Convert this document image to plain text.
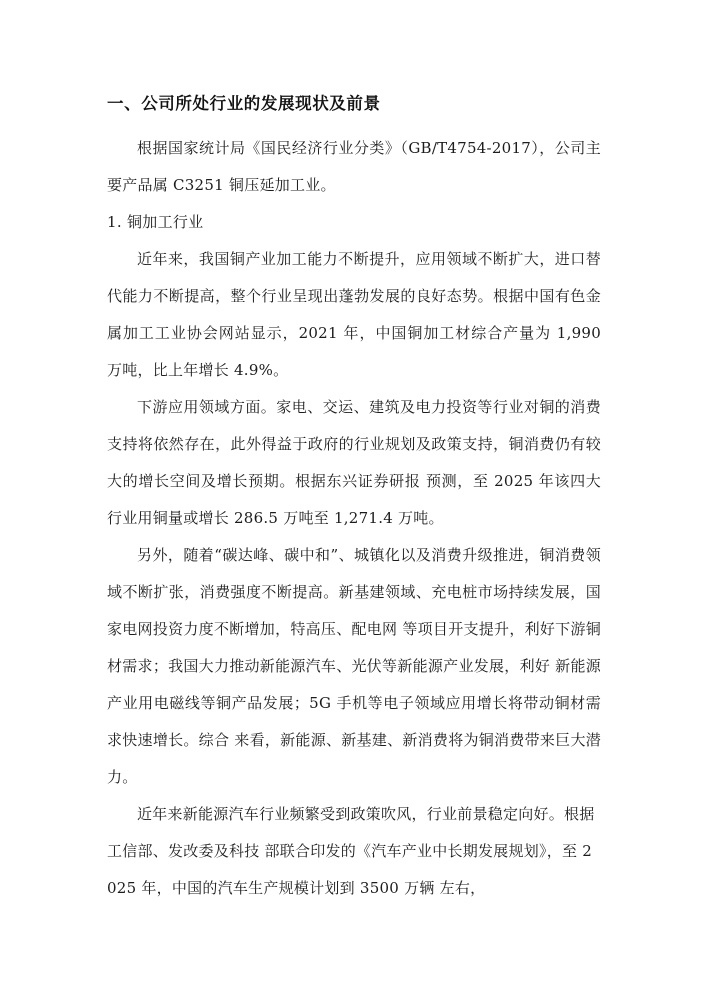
一、公司所处行业的发展现状及前景

根据国家统计局《国民经济行业分类》（GB/T4754-2017），公司主要产品属 C3251 铜压延加工业。

1. 铜加工行业

近年来，我国铜产业加工能力不断提升，应用领域不断扩大，进口替代能力不断提高，整个行业呈现出蓬勃发展的良好态势。根据中国有色金属加工工业协会网站显示，2021 年，中国铜加工材综合产量为 1,990 万吨，比上年增长 4.9%。

下游应用领域方面。家电、交运、建筑及电力投资等行业对铜的消费支持将依然存在，此外得益于政府的行业规划及政策支持，铜消费仍有较大的增长空间及增长预期。根据东兴证券研报 预测，至 2025 年该四大行业用铜量或增长 286.5 万吨至 1,271.4 万吨。

另外，随着“碳达峰、碳中和”、城镇化以及消费升级推进，铜消费领域不断扩张，消费强度不断提高。新基建领域、充电桩市场持续发展，国家电网投资力度不断增加，特高压、配电网 等项目开支提升，利好下游铜材需求；我国大力推动新能源汽车、光伏等新能源产业发展，利好 新能源产业用电磁线等铜产品发展；5G 手机等电子领域应用增长将带动铜材需求快速增长。综合 来看，新能源、新基建、新消费将为铜消费带来巨大潜力。

近年来新能源汽车行业频繁受到政策吹风，行业前景稳定向好。根据工信部、发改委及科技 部联合印发的《汽车产业中长期发展规划》，至 2025 年，中国的汽车生产规模计划到 3500 万辆 左右，
